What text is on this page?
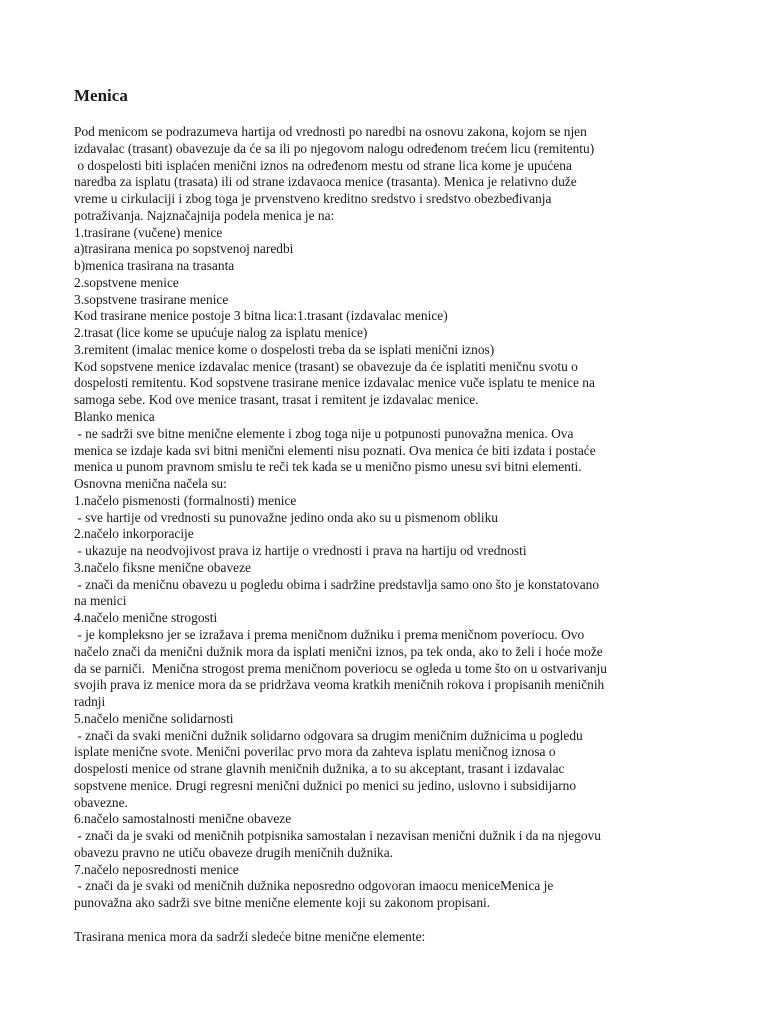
Menica
Pod menicom se podrazumeva hartija od vrednosti po naredbi na osnovu zakona, kojom se njen
izdavalac (trasant) obavezuje da će sa ili po njegovom nalogu određenom trećem licu (remitentu)
o dospelosti biti isplaćen menični iznos na određenom mestu od strane lica kome je upućena
naredba za isplatu (trasata) ili od strane izdavaoca menice (trasanta). Menica je relativno duže
vreme u cirkulaciji i zbog toga je prvenstveno kreditno sredstvo i sredstvo obezbeđivanja
potraživanja. Najznačajnija podela menica je na:
1.trasirane (vučene) menice
a)trasirana menica po sopstvenoj naredbi
b)menica trasirana na trasanta
2.sopstvene menice
3.sopstvene trasirane menice
Kod trasirane menice postoje 3 bitna lica:1.trasant (izdavalac menice)
2.trasat (lice kome se upućuje nalog za isplatu menice)
3.remitent (imalac menice kome o dospelosti treba da se isplati menični iznos)
Kod sopstvene menice izdavalac menice (trasant) se obavezuje da će isplatiti meničnu svotu o
dospelosti remitentu. Kod sopstvene trasirane menice izdavalac menice vuče isplatu te menice na
samoga sebe. Kod ove menice trasant, trasat i remitent je izdavalac menice.
Blanko menica
- ne sadrži sve bitne menične elemente i zbog toga nije u potpunosti punovažna menica. Ova
menica se izdaje kada svi bitni menični elementi nisu poznati. Ova menica će biti izdata i postaće
menica u punom pravnom smislu te reči tek kada se u menično pismo unesu svi bitni elementi.
Osnovna menična načela su:
1.načelo pismenosti (formalnosti) menice
- sve hartije od vrednosti su punovažne jedino onda ako su u pismenom obliku
2.načelo inkorporacije
- ukazuje na neodvojivost prava iz hartije o vrednosti i prava na hartiju od vrednosti
3.načelo fiksne menične obaveze
- znači da meničnu obavezu u pogledu obima i sadržine predstavlja samo ono što je konstatovano
na menici
4.načelo menične strogosti
- je kompleksno jer se izražava i prema meničnom dužniku i prema meničnom poveriocu. Ovo
načelo znači da menični dužnik mora da isplati menični iznos, pa tek onda, ako to želi i hoće može
da se parniči.  Menična strogost prema meničnom poveriocu se ogleda u tome što on u ostvarivanju
svojih prava iz menice mora da se pridržava veoma kratkih meničnih rokova i propisanih meničnih
radnji
5.načelo menične solidarnosti
- znači da svaki menični dužnik solidarno odgovara sa drugim meničnim dužnicima u pogledu
isplate menične svote. Menični poverilac prvo mora da zahteva isplatu meničnog iznosa o
dospelosti menice od strane glavnih meničnih dužnika, a to su akceptant, trasant i izdavalac
sopstvene menice. Drugi regresni menični dužnici po menici su jedino, uslovno i subsidijarno
obavezne.
6.načelo samostalnosti menične obaveze
- znači da je svaki od meničnih potpisnika samostalan i nezavisan menični dužnik i da na njegovu
obavezu pravno ne utiču obaveze drugih meničnih dužnika.
7.načelo neposrednosti menice
- znači da je svaki od meničnih dužnika neposredno odgovoran imaocu meniceMenica je
punovažna ako sadrži sve bitne menične elemente koji su zakonom propisani.
Trasirana menica mora da sadrži sledeće bitne menične elemente:
